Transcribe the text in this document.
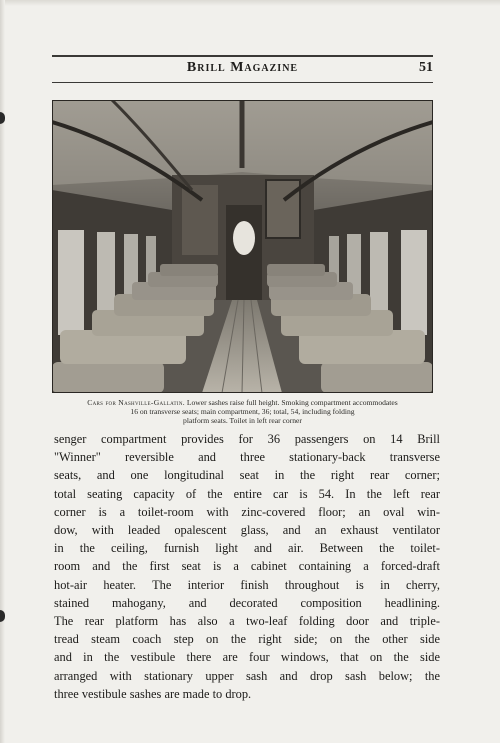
Brill Magazine	51
Cars for Nashville-Gallatin. Lower sashes raise full height. Smoking compartment accommodates
16 on transverse seats; main compartment, 36; total, 54, including folding
platform seats. Toilet in left rear corner
senger compartment provides for 36 passengers on 14 Brill
"Winner" reversible and three stationary-back transverse
seats, and one longitudinal seat in the right rear corner;
total seating capacity of the entire car is 54. In the left rear
corner is a toilet-room with zinc-covered floor; an oval win-
dow, with leaded opalescent glass, and an exhaust ventilator
in the ceiling, furnish light and air. Between the toilet-
room and the first seat is a cabinet containing a forced-draft
hot-air heater. The interior finish throughout is in cherry,
stained mahogany, and decorated composition headlining.
The rear platform has also a two-leaf folding door and triple-
tread steam coach step on the right side; on the other side
and in the vestibule there are four windows, that on the side
arranged with stationary upper sash and drop sash below; the
three vestibule sashes are made to drop.
